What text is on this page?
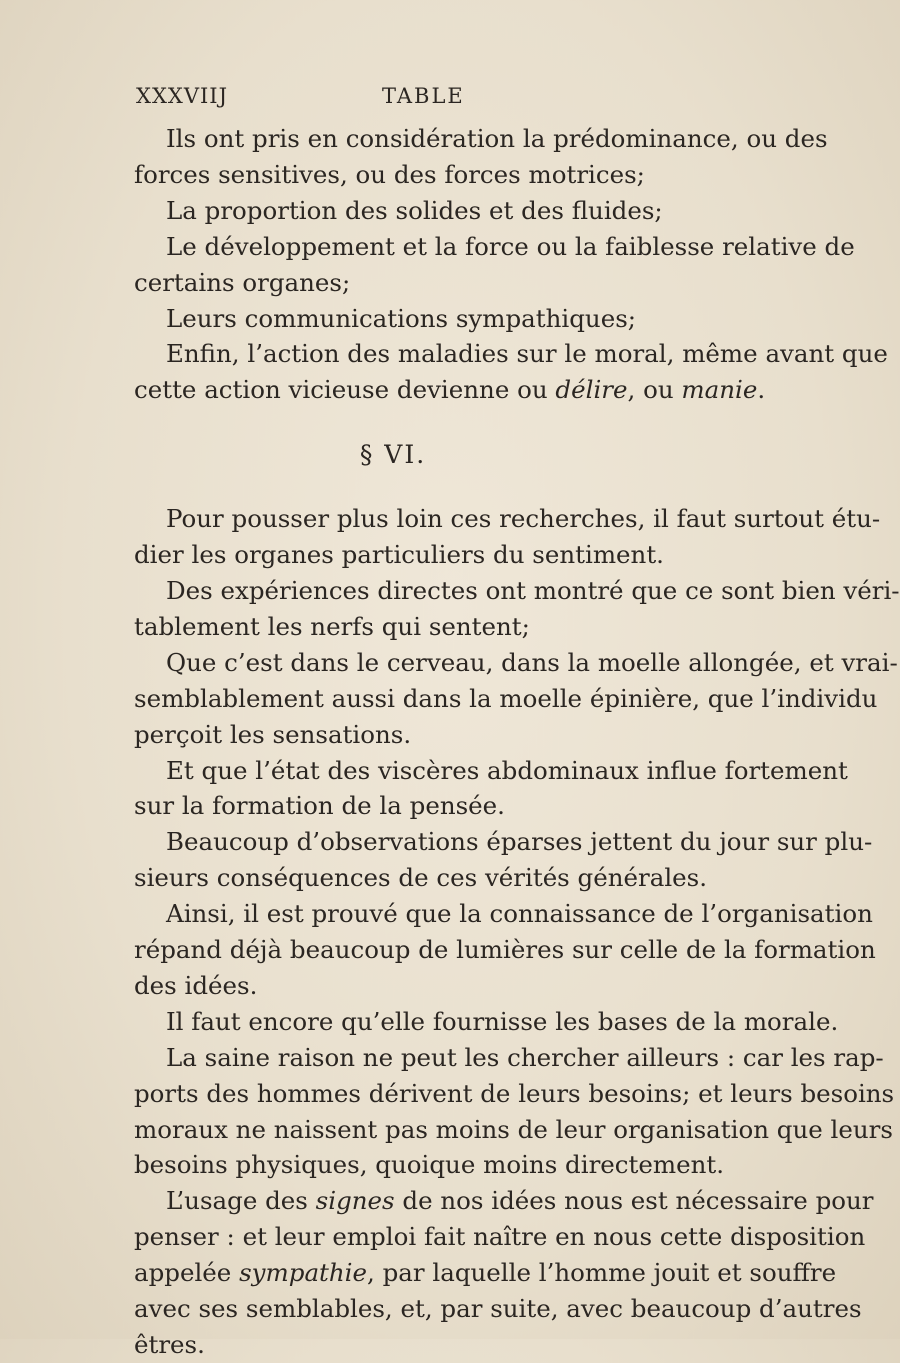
XXXVIIJ	TABLE
Ils ont pris en considération la prédominance, ou des
forces sensitives, ou des forces motrices;
La proportion des solides et des fluides;
Le développement et la force ou la faiblesse relative de
certains organes;
Leurs communications sympathiques;
Enfin, l’action des maladies sur le moral, même avant que
cette action vicieuse devienne ou délire, ou manie.
§ VI.
Pour pousser plus loin ces recherches, il faut surtout étu-
dier les organes particuliers du sentiment.
Des expériences directes ont montré que ce sont bien véri-
tablement les nerfs qui sentent;
Que c’est dans le cerveau, dans la moelle allongée, et vrai-
semblablement aussi dans la moelle épinière, que l’individu
perçoit les sensations.
Et que l’état des viscères abdominaux influe fortement
sur la formation de la pensée.
Beaucoup d’observations éparses jettent du jour sur plu-
sieurs conséquences de ces vérités générales.
Ainsi, il est prouvé que la connaissance de l’organisation
répand déjà beaucoup de lumières sur celle de la formation
des idées.
Il faut encore qu’elle fournisse les bases de la morale.
La saine raison ne peut les chercher ailleurs : car les rap-
ports des hommes dérivent de leurs besoins; et leurs besoins
moraux ne naissent pas moins de leur organisation que leurs
besoins physiques, quoique moins directement.
L’usage des signes de nos idées nous est nécessaire pour
penser : et leur emploi fait naître en nous cette disposition
appelée sympathie, par laquelle l’homme jouit et souffre
avec ses semblables, et, par suite, avec beaucoup d’autres
êtres.
